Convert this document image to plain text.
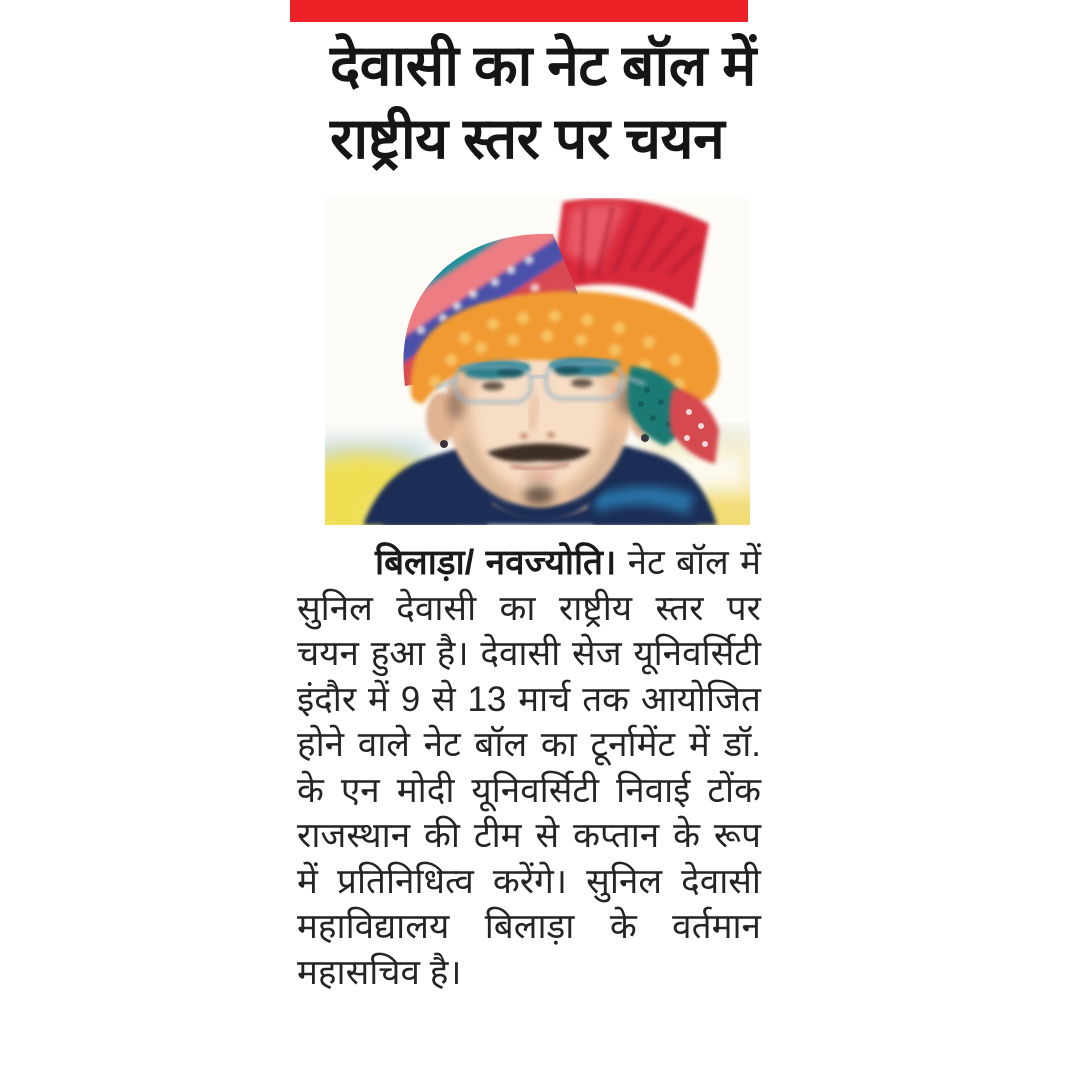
देवासी का नेट बॉल में
राष्ट्रीय स्तर पर चयन

बिलाड़ा/ नवज्योति। नेट बॉल में सुनिल देवासी का राष्ट्रीय स्तर पर चयन हुआ है। देवासी सेज यूनिवर्सिटी इंदौर में 9 से 13 मार्च तक आयोजित होने वाले नेट बॉल का टूर्नामेंट में डॉ. के एन मोदी यूनिवर्सिटी निवाई टोंक राजस्थान की टीम से कप्तान के रूप में प्रतिनिधित्व करेंगे। सुनिल देवासी महाविद्यालय बिलाड़ा के वर्तमान महासचिव है।
